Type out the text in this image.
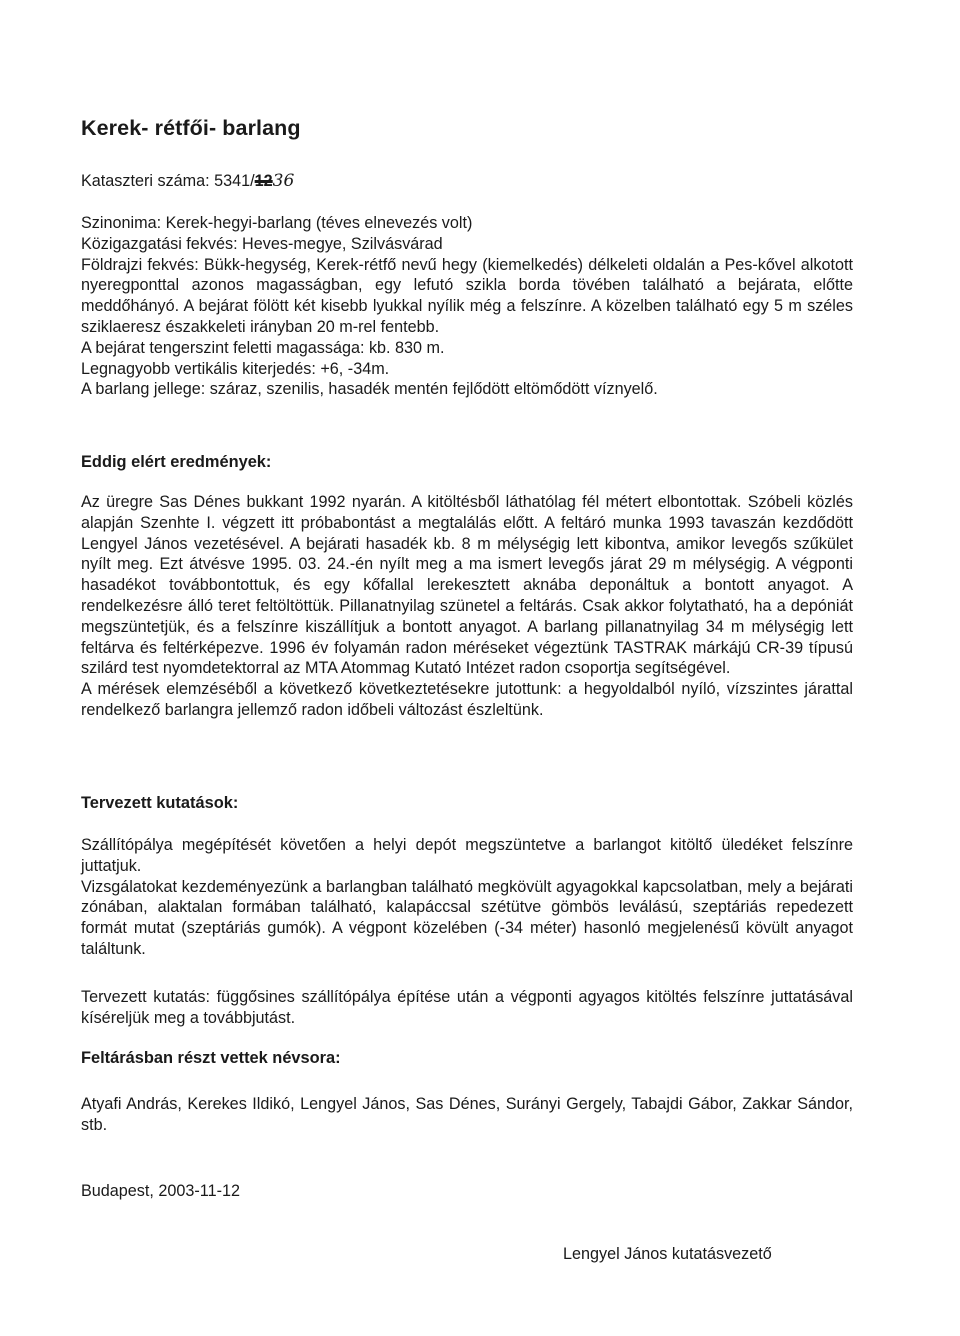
Kerek- rétfői- barlang
Kataszteri száma: 5341/1236

Szinonima: Kerek-hegyi-barlang (téves elnevezés volt)

Közigazgatási fekvés: Heves-megye, Szilvásvárad

Földrajzi fekvés: Bükk-hegység, Kerek-rétfő nevű hegy (kiemelkedés) délkeleti oldalán a Pes-kővel alkotott nyeregponttal azonos magasságban, egy lefutó szikla borda tövében található a bejárata, előtte meddőhányó. A bejárat fölött két kisebb lyukkal nyílik még a felszínre. A közelben található egy 5 m széles sziklaeresz északkeleti irányban 20 m-rel fentebb.

A bejárat tengerszint feletti magassága: kb. 830 m.

Legnagyobb vertikális kiterjedés: +6, -34m.

A barlang jellege: száraz, szenilis, hasadék mentén fejlődött eltömődött víznyelő.

Eddig elért eredmények:

Az üregre Sas Dénes bukkant 1992 nyarán. A kitöltésből láthatólag fél métert elbontottak. Szóbeli közlés alapján Szenhte I. végzett itt próbabontást a megtalálás előtt. A feltáró munka 1993 tavaszán kezdődött Lengyel János vezetésével. A bejárati hasadék kb. 8 m mélységig lett kibontva, amikor levegős szűkület nyílt meg. Ezt átvésve 1995. 03. 24.-én nyílt meg a ma ismert levegős járat 29 m mélységig. A végponti hasadékot továbbontottuk, és egy kőfallal lerekesztett aknába deponáltuk a bontott anyagot. A rendelkezésre álló teret feltöltöttük. Pillanatnyilag szünetel a feltárás. Csak akkor folytatható, ha a depóniát megszüntetjük, és a felszínre kiszállítjuk a bontott anyagot. A barlang pillanatnyilag 34 m mélységig lett feltárva és feltérképezve. 1996 év folyamán radon méréseket végeztünk TASTRAK márkájú CR-39 típusú szilárd test nyomdetektorral az MTA Atommag Kutató Intézet radon csoportja segítségével.

A mérések elemzéséből a következő következtetésekre jutottunk: a hegyoldalból nyíló, vízszintes járattal rendelkező barlangra jellemző radon időbeli változást észleltünk.

Tervezett kutatások:

Szállítópálya megépítését követően a helyi depót megszüntetve a barlangot kitöltő üledéket felszínre juttatjuk.

Vizsgálatokat kezdeményezünk a barlangban található megkövült agyagokkal kapcsolatban, mely a bejárati zónában, alaktalan formában található, kalapáccsal szétütve gömbös leválású, szeptáriás repedezett formát mutat (szeptáriás gumók). A végpont közelében (-34 méter) hasonló megjelenésű kövült anyagot találtunk.

Tervezett kutatás: függősines szállítópálya építése után a végponti agyagos kitöltés felszínre juttatásával kíséreljük meg a továbbjutást.

Feltárásban részt vettek névsora:

Atyafi András, Kerekes Ildikó, Lengyel János, Sas Dénes, Surányi Gergely, Tabajdi Gábor, Zakkar Sándor, stb.

Budapest, 2003-11-12

Lengyel János kutatásvezető
